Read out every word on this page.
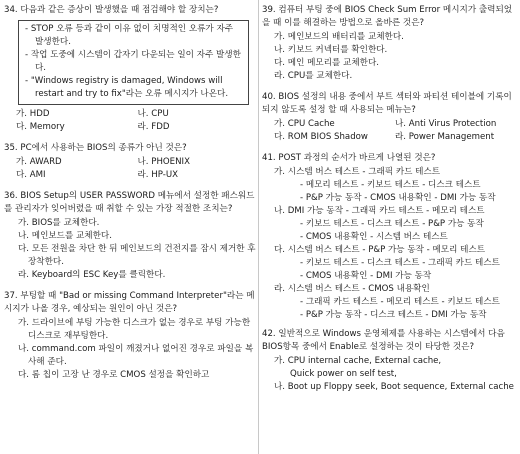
34. 다음과 같은 증상이 발생했을 때 점검해야 할 장치는?
- STOP 오류 등과 같이 이유 없이 치명적인 오류가 자주 발생한다.
- 작업 도중에 시스템이 갑자기 다운되는 일이 자주 발생한다.
- "Windows registry is damaged, Windows will restart and try to fix"라는 오류 메시지가 나온다.
가. HDD	나. CPU
다. Memory	라. FDD
35. PC에서 사용하는 BIOS의 종류가 아닌 것은?
가. AWARD	나. PHOENIX
다. AMI	라. HP-UX
36. BIOS Setup의 USER PASSWORD 메뉴에서 설정한 패스워드를 관리자가 잊어버렸을 때 취할 수 있는 가장 적절한 조치는?
가. BIOS를 교체한다.
나. 메인보드를 교체한다.
다. 모든 전원을 차단 한 뒤 메인보드의 건전지를 잠시 제거한 후 장착한다.
라. Keyboard의 ESC Key를 클릭한다.
37. 부팅할 때 "Bad or missing Command Interpreter"라는 메시지가 나올 경우, 예상되는 원인이 아닌 것은?
가. 드라이브에 부팅 가능한 디스크가 없는 경우로 부팅 가능한 디스크로 재부팅한다.
나. command.com 파일이 깨졌거나 없어진 경우로 파일을 복사해 준다.
다. 롬 칩이 고장 난 경우로 CMOS 설정을 확인하고
39. 컴퓨터 부팅 중에 BIOS Check Sum Error 메시지가 출력되었을 때 이를 해결하는 방법으로 올바른 것은?
가. 메인보드의 배터리를 교체한다.
나. 키보드 커넥터를 확인한다.
다. 메인 메모리를 교체한다.
라. CPU를 교체한다.
40. BIOS 설정의 내용 중에서 부트 섹터와 파티션 테이블에 기록이 되지 않도록 설정 할 때 사용되는 메뉴는?
가. CPU Cache	나. Anti Virus Protection
다. ROM BIOS Shadow	라. Power Management
41. POST 과정의 순서가 바르게 나열된 것은?
가. 시스템 버스 테스트 - 그래픽 카드 테스트
- 메모리 테스트 - 키보드 테스트 - 디스크 테스트
- P&P 가능 동작 - CMOS 내용확인 - DMI 가능 동작
나. DMI 가능 동작 - 그래픽 카드 테스트 - 메모리 테스트
- 키보드 테스트 - 디스크 테스트 - P&P 가능 동작
- CMOS 내용확인 - 시스템 버스 테스트
다. 시스템 버스 테스트 - P&P 가능 동작 - 메모리 테스트
- 키보드 테스트 - 디스크 테스트 - 그래픽 카드 테스트
- CMOS 내용확인 - DMI 가능 동작
라. 시스템 버스 테스트 - CMOS 내용확인
- 그래픽 카드 테스트 - 메모리 테스트 - 키보드 테스트
- P&P 가능 동작 - 디스크 테스트 - DMI 가능 동작
42. 일반적으로 Windows 운영체제를 사용하는 시스템에서 다음 BIOS항목 중에서 Enable로 설정하는 것이 타당한 것은?
가. CPU internal cache, External cache,
Quick power on self test,
나. Boot up Floppy seek, Boot sequence, External cache
